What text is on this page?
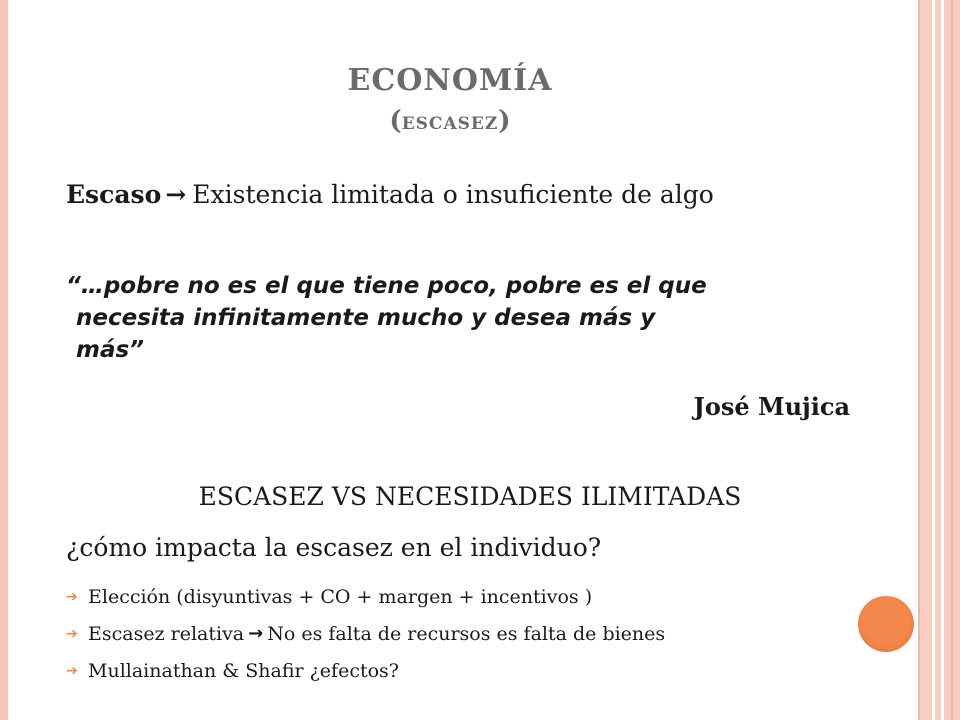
ECONOMÍA
(ESCASEZ)
Escaso → Existencia limitada o insuficiente de algo
“…pobre no es el que tiene poco, pobre es el que
necesita infinitamente mucho y desea más y
más”
José Mujica
ESCASEZ VS NECESIDADES ILIMITADAS
¿cómo impacta la escasez en el individuo?
➔ Elección (disyuntivas + CO + margen + incentivos )
➔ Escasez relativa → No es falta de recursos es falta de bienes
➔ Mullainathan & Shafir ¿efectos?
